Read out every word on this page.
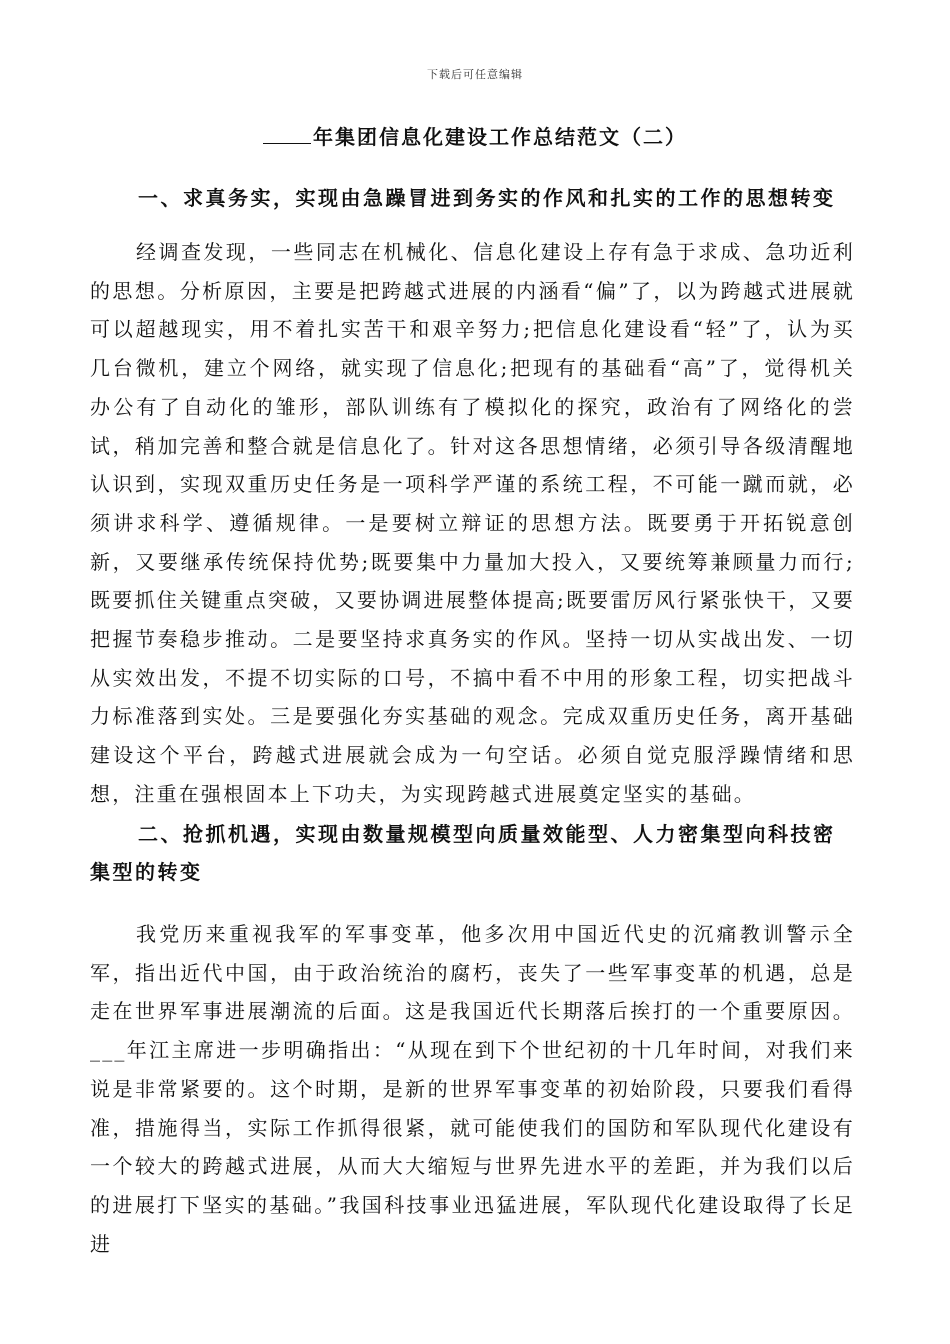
下载后可任意编辑
年集团信息化建设工作总结范文（二）
一、求真务实，实现由急躁冒进到务实的作风和扎实的工作的思想转变
经调查发现，一些同志在机械化、信息化建设上存有急于求成、急功近利的思想。分析原因，主要是把跨越式进展的内涵看“偏”了，以为跨越式进展就可以超越现实，用不着扎实苦干和艰辛努力;把信息化建设看“轻”了，认为买几台微机，建立个网络，就实现了信息化;把现有的基础看“高”了，觉得机关办公有了自动化的雏形，部队训练有了模拟化的探究，政治有了网络化的尝试，稍加完善和整合就是信息化了。针对这各思想情绪，必须引导各级清醒地认识到，实现双重历史任务是一项科学严谨的系统工程，不可能一蹴而就，必须讲求科学、遵循规律。一是要树立辩证的思想方法。既要勇于开拓锐意创新，又要继承传统保持优势;既要集中力量加大投入，又要统筹兼顾量力而行;既要抓住关键重点突破，又要协调进展整体提高;既要雷厉风行紧张快干，又要把握节奏稳步推动。二是要坚持求真务实的作风。坚持一切从实战出发、一切从实效出发，不提不切实际的口号，不搞中看不中用的形象工程，切实把战斗力标准落到实处。三是要强化夯实基础的观念。完成双重历史任务，离开基础建设这个平台，跨越式进展就会成为一句空话。必须自觉克服浮躁情绪和思想，注重在强根固本上下功夫，为实现跨越式进展奠定坚实的基础。
二、抢抓机遇，实现由数量规模型向质量效能型、人力密集型向科技密集型的转变
我党历来重视我军的军事变革，他多次用中国近代史的沉痛教训警示全军，指出近代中国，由于政治统治的腐朽，丧失了一些军事变革的机遇，总是走在世界军事进展潮流的后面。这是我国近代长期落后挨打的一个重要原因。___年江主席进一步明确指出：“从现在到下个世纪初的十几年时间，对我们来说是非常紧要的。这个时期，是新的世界军事变革的初始阶段，只要我们看得准，措施得当，实际工作抓得很紧，就可能使我们的国防和军队现代化建设有一个较大的跨越式进展，从而大大缩短与世界先进水平的差距，并为我们以后的进展打下坚实的基础。”我国科技事业迅猛进展，军队现代化建设取得了长足进
